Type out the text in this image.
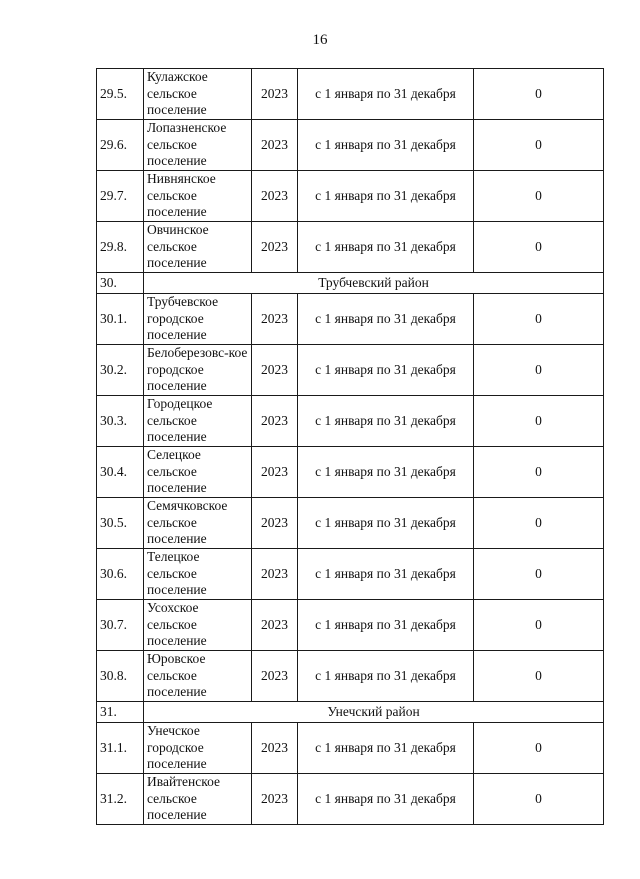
16
29.5.	Кулажское сельское поселение	2023	с 1 января по 31 декабря	0
29.6.	Лопазненское сельское поселение	2023	с 1 января по 31 декабря	0
29.7.	Нивнянское сельское поселение	2023	с 1 января по 31 декабря	0
29.8.	Овчинское сельское поселение	2023	с 1 января по 31 декабря	0
30.	Трубчевский район			
30.1.	Трубчевское городское поселение	2023	с 1 января по 31 декабря	0
30.2.	Белоберезовс-кое городское поселение	2023	с 1 января по 31 декабря	0
30.3.	Городецкое сельское поселение	2023	с 1 января по 31 декабря	0
30.4.	Селецкое сельское поселение	2023	с 1 января по 31 декабря	0
30.5.	Семячковское сельское поселение	2023	с 1 января по 31 декабря	0
30.6.	Телецкое сельское поселение	2023	с 1 января по 31 декабря	0
30.7.	Усохское сельское поселение	2023	с 1 января по 31 декабря	0
30.8.	Юровское сельское поселение	2023	с 1 января по 31 декабря	0
31.	Унечский район			
31.1.	Унечское городское поселение	2023	с 1 января по 31 декабря	0
31.2.	Ивайтенское сельское поселение	2023	с 1 января по 31 декабря	0
